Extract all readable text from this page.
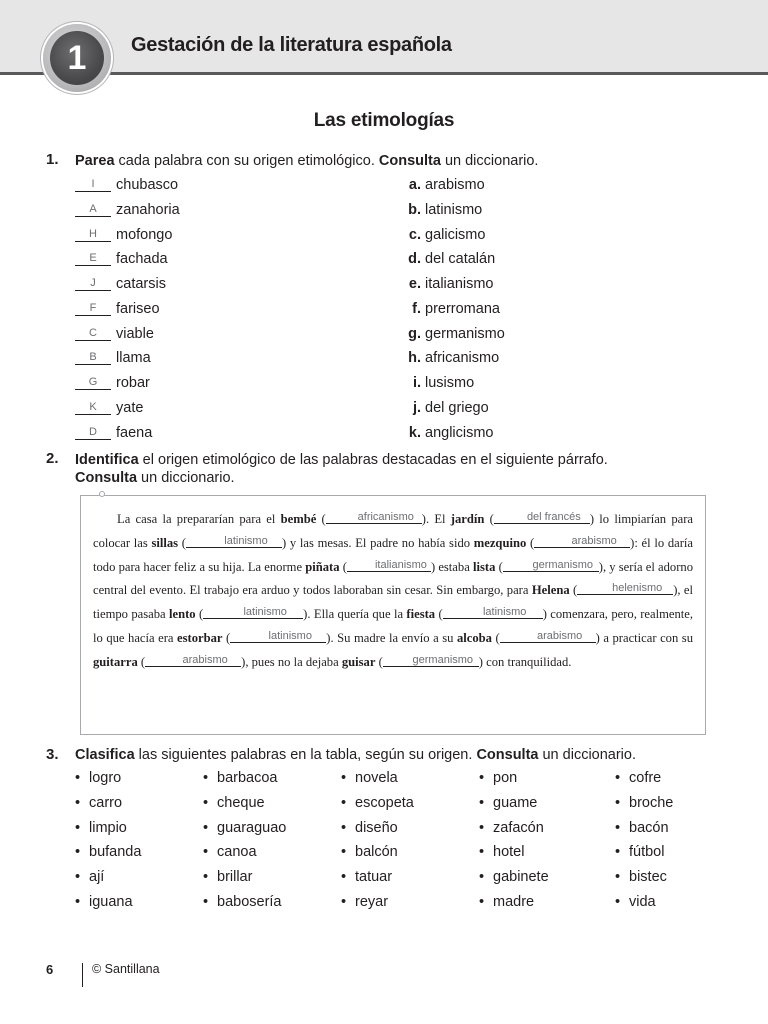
1	Gestación de la literatura española
Las etimologías
1. Parea cada palabra con su origen etimológico. Consulta un diccionario.
I chubasco
A zanahoria
H mofongo
E fachada
J catarsis
F fariseo
C viable
B llama
G robar
K yate
D faena
a. arabismo
b. latinismo
c. galicismo
d. del catalán
e. italianismo
f. prerromana
g. germanismo
h. africanismo
i. lusismo
j. del griego
k. anglicismo
2. Identifica el origen etimológico de las palabras destacadas en el siguiente párrafo.
Consulta un diccionario.
La casa la prepararían para el bembé (	africanismo ). El jardín (	del francés ) lo limpiarían para colocar las sillas (	latinismo ) y las mesas. El padre no había sido mezquino (	arabismo ): él lo daría todo para hacer feliz a su hija. La enorme piñata (	italianismo ) estaba lista (	germanismo ), y sería el adorno central del evento. El trabajo era arduo y todos laboraban sin cesar. Sin embargo, para Helena (	helenismo ), el tiempo pasaba lento (	latinismo ). Ella quería que la fiesta (	latinismo ) comenzara, pero, realmente, lo que hacía era estorbar (	latinismo ). Su madre la envío a su alcoba (	arabismo ) a practicar con su guitarra (	arabismo ), pues no la dejaba guisar (	germanismo ) con tranquilidad.
3. Clasifica las siguientes palabras en la tabla, según su origen. Consulta un diccionario.
• logro
• carro
• limpio
• bufanda
• ají
• iguana
• barbacoa
• cheque
• guaraguao
• canoa
• brillar
• babosería
• novela
• escopeta
• diseño
• balcón
• tatuar
• reyar
• pon
• guame
• zafacón
• hotel
• gabinete
• madre
• cofre
• broche
• bacón
• fútbol
• bistec
• vida
6	© Santillana
